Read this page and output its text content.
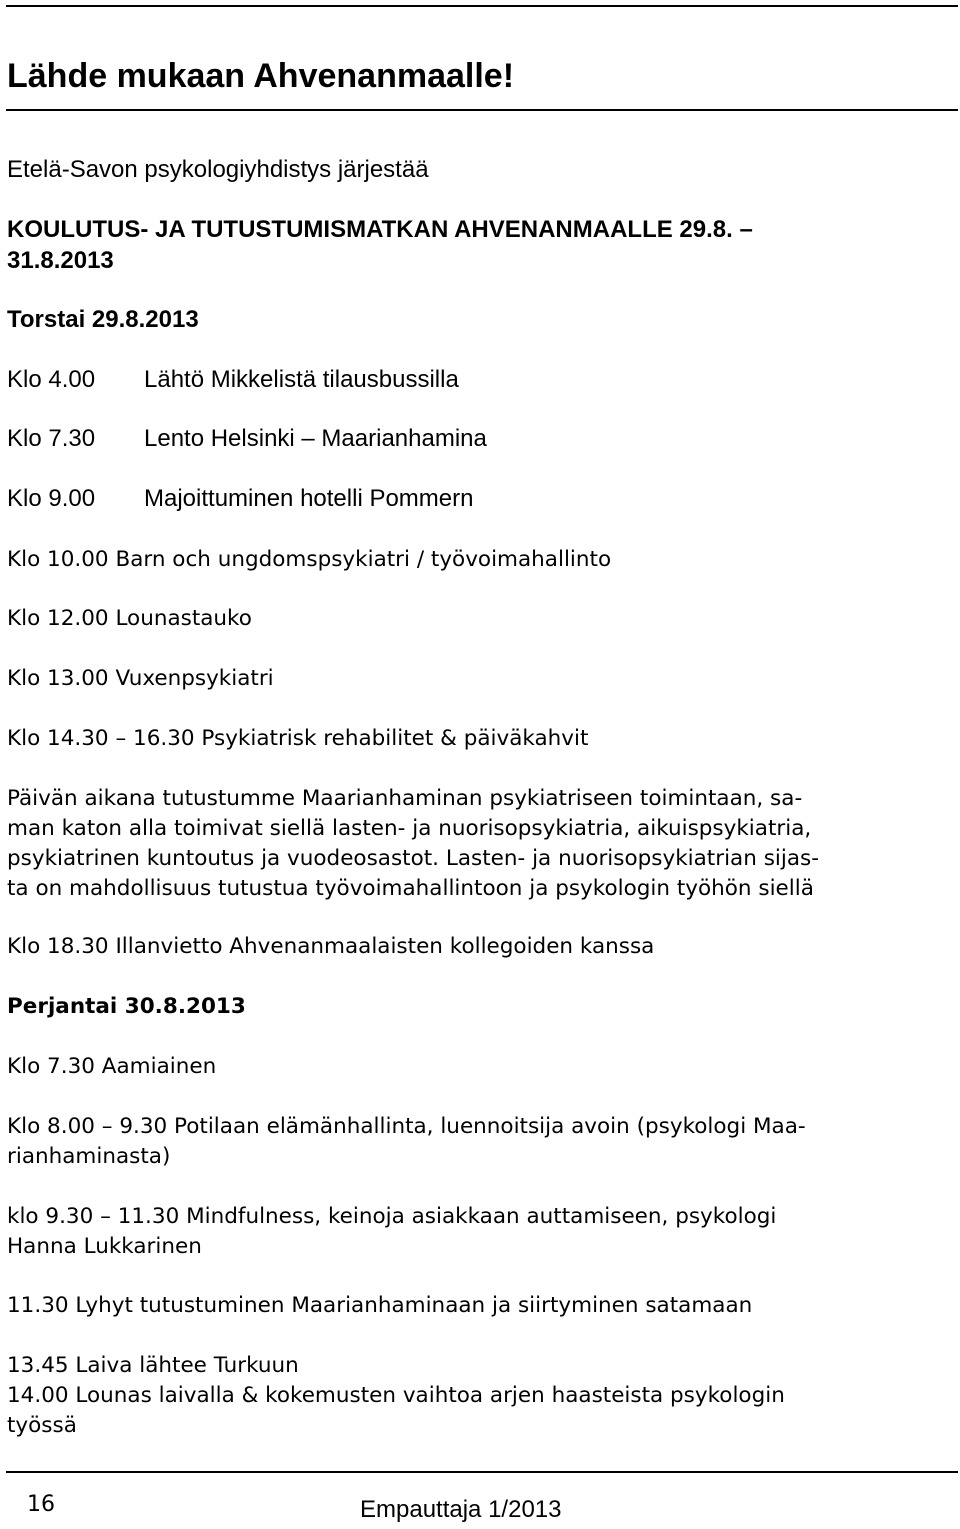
Lähde mukaan Ahvenanmaalle!
Etelä-Savon psykologiyhdistys järjestää
KOULUTUS- JA TUTUSTUMISMATKAN AHVENANMAALLE 29.8. –
31.8.2013
Torstai 29.8.2013
Klo 4.00 Lähtö Mikkelistä tilausbussilla
Klo 7.30 Lento Helsinki – Maarianhamina
Klo 9.00 Majoittuminen hotelli Pommern
Klo 10.00 Barn och ungdomspsykiatri / työvoimahallinto
Klo 12.00 Lounastauko
Klo 13.00 Vuxenpsykiatri
Klo 14.30 – 16.30 Psykiatrisk rehabilitet & päiväkahvit
Päivän aikana tutustumme Maarianhaminan psykiatriseen toimintaan, sa-
man katon alla toimivat siellä lasten- ja nuorisopsykiatria, aikuispsykiatria,
psykiatrinen kuntoutus ja vuodeosastot. Lasten- ja nuorisopsykiatrian sijas-
ta on mahdollisuus tutustua työvoimahallintoon ja psykologin työhön siellä
Klo 18.30 Illanvietto Ahvenanmaalaisten kollegoiden kanssa
Perjantai 30.8.2013
Klo 7.30 Aamiainen
Klo 8.00 – 9.30 Potilaan elämänhallinta, luennoitsija avoin (psykologi Maa-
rianhaminasta)
klo 9.30 – 11.30 Mindfulness, keinoja asiakkaan auttamiseen, psykologi
Hanna Lukkarinen
11.30 Lyhyt tutustuminen Maarianhaminaan ja siirtyminen satamaan
13.45 Laiva lähtee Turkuun
14.00 Lounas laivalla & kokemusten vaihtoa arjen haasteista psykologin
työssä
16	Empauttaja 1/2013
